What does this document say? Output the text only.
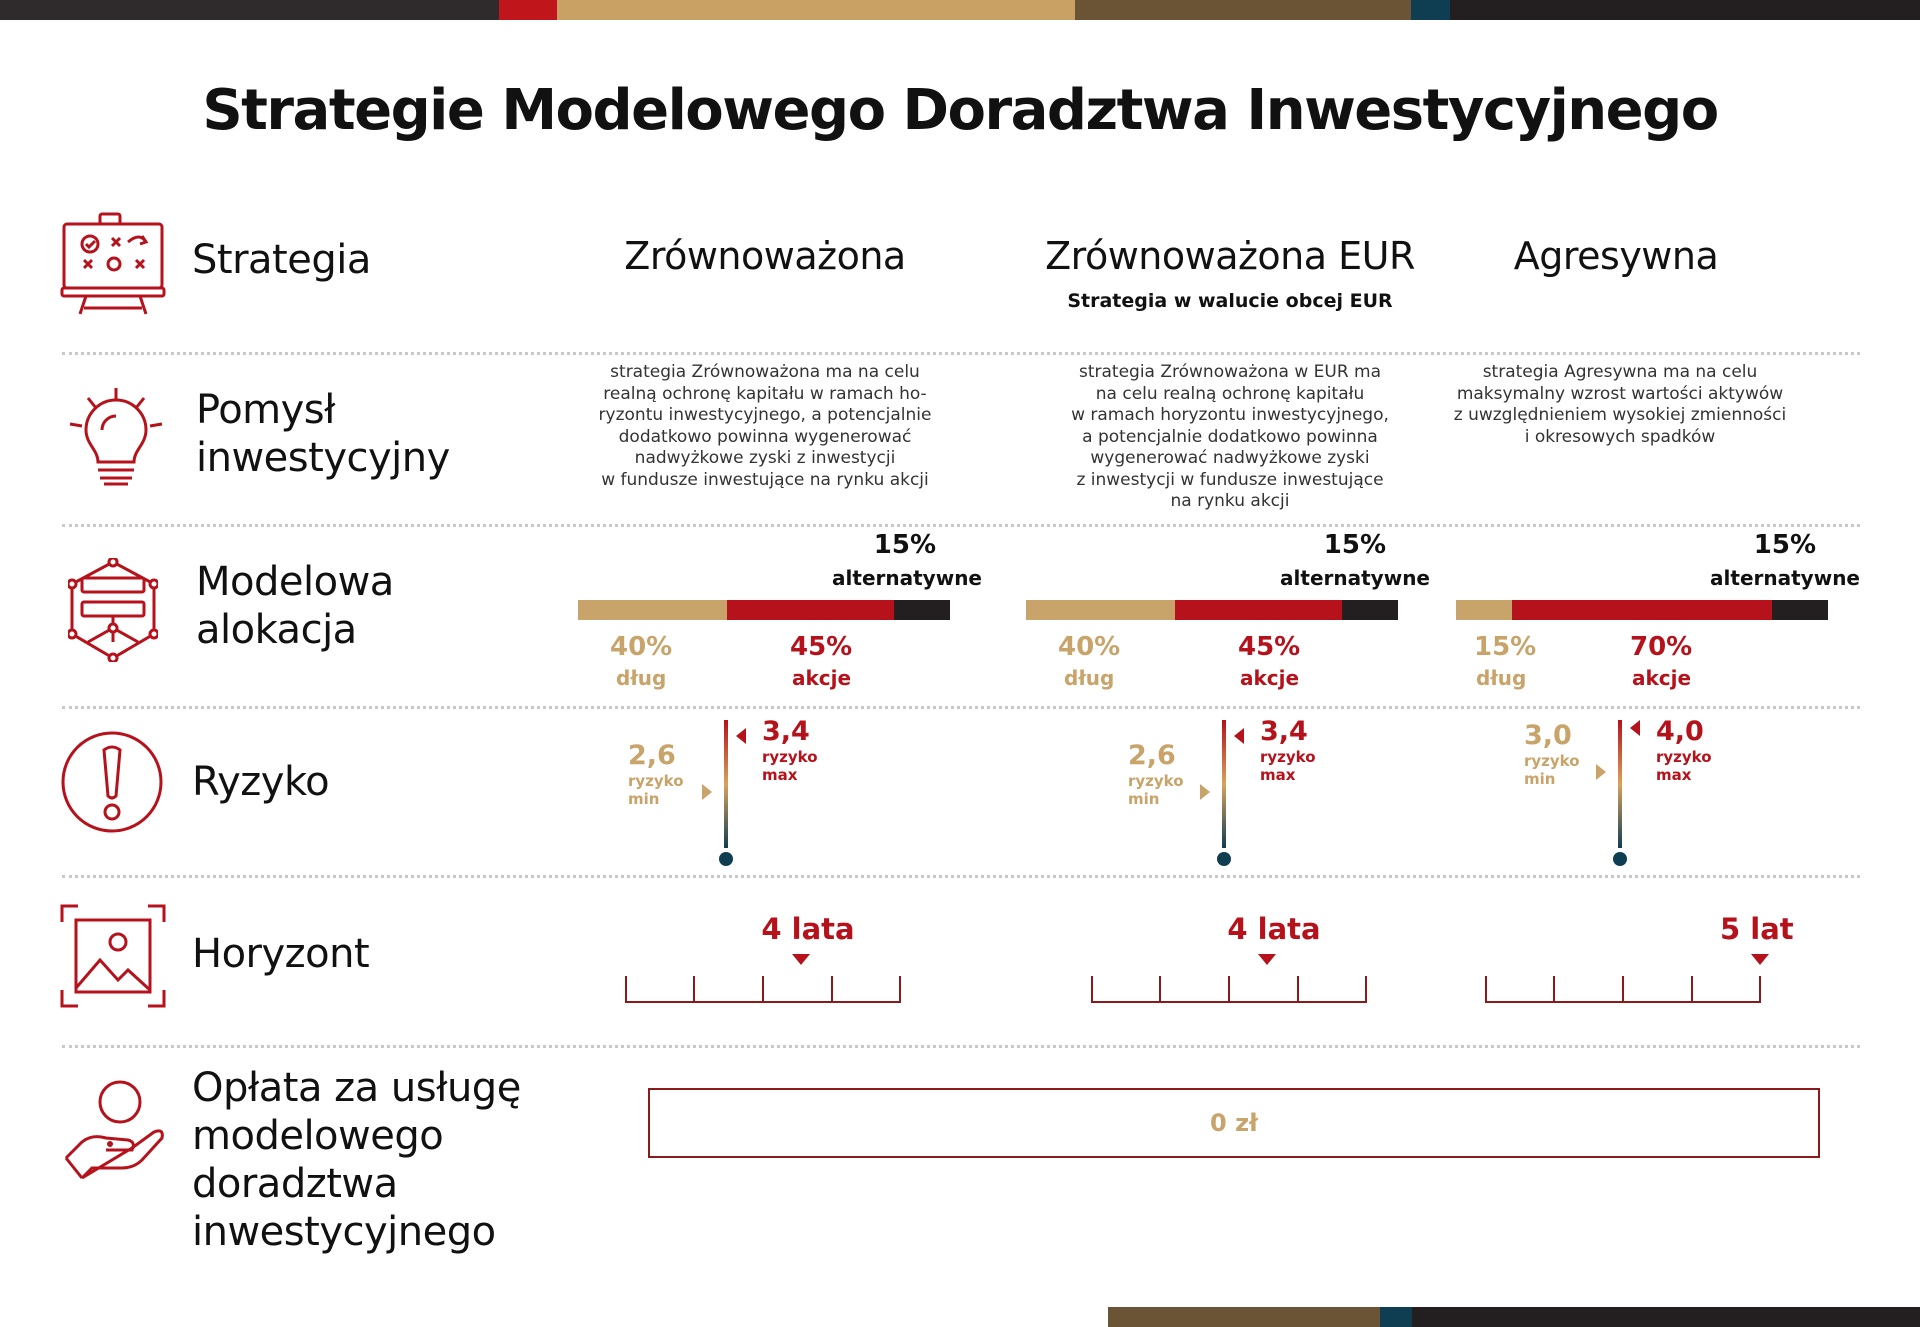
Strategie Modelowego Doradztwa Inwestycyjnego
Strategia
Pomysł
inwestycyjny
Modelowa
alokacja
Ryzyko
Horyzont
Opłata za usługę
modelowego
doradztwa
inwestycyjnego
Zrównoważona
strategia Zrównoważona ma na celu
realną ochronę kapitału w ramach ho-
ryzontu inwestycyjnego, a potencjalnie
dodatkowo powinna wygenerować
nadwyżkowe zyski z inwestycji
w fundusze inwestujące na rynku akcji
15%
alternatywne
40%
dług
45%
akcje
2,6
ryzyko
min
3,4
ryzyko
max
4 lata
Zrównoważona EUR
Strategia w walucie obcej EUR
strategia Zrównoważona w EUR ma
na celu realną ochronę kapitału
w ramach horyzontu inwestycyjnego,
a potencjalnie dodatkowo powinna
wygenerować nadwyżkowe zyski
z inwestycji w fundusze inwestujące
na rynku akcji
15%
alternatywne
40%
dług
45%
akcje
2,6
ryzyko
min
3,4
ryzyko
max
4 lata
Agresywna
strategia Agresywna ma na celu
maksymalny wzrost wartości aktywów
z uwzględnieniem wysokiej zmienności
i okresowych spadków
15%
alternatywne
15%
dług
70%
akcje
3,0
ryzyko
min
4,0
ryzyko
max
5 lat
0 zł
